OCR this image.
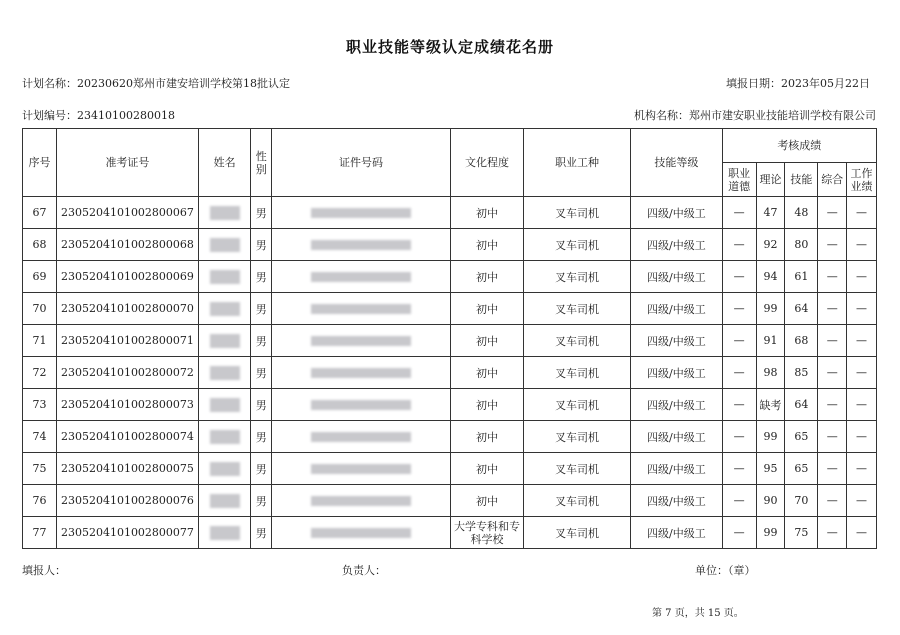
职业技能等级认定成绩花名册
计划名称：20230620郑州市建安培训学校第18批认定	填报日期：2023年05月22日
计划编号：23410100280018	机构名称：郑州市建安职业技能培训学校有限公司
序号	准考证号	姓名	性别	证件号码	文化程度	职业工种	技能等级	考核成绩				
								职业道德	理论	技能	综合	工作业绩
67	2305204101002800067		男		初中	叉车司机	四级/中级工	—	47	48	—	—
68	2305204101002800068		男		初中	叉车司机	四级/中级工	—	92	80	—	—
69	2305204101002800069		男		初中	叉车司机	四级/中级工	—	94	61	—	—
70	2305204101002800070		男		初中	叉车司机	四级/中级工	—	99	64	—	—
71	2305204101002800071		男		初中	叉车司机	四级/中级工	—	91	68	—	—
72	2305204101002800072		男		初中	叉车司机	四级/中级工	—	98	85	—	—
73	2305204101002800073		男		初中	叉车司机	四级/中级工	—	缺考	64	—	—
74	2305204101002800074		男		初中	叉车司机	四级/中级工	—	99	65	—	—
75	2305204101002800075		男		初中	叉车司机	四级/中级工	—	95	65	—	—
76	2305204101002800076		男		初中	叉车司机	四级/中级工	—	90	70	—	—
77	2305204101002800077		男		大学专科和专科学校	叉车司机	四级/中级工	—	99	75	—	—
填报人：	负责人：	单位：（章）
第 7 页，共 15 页。
